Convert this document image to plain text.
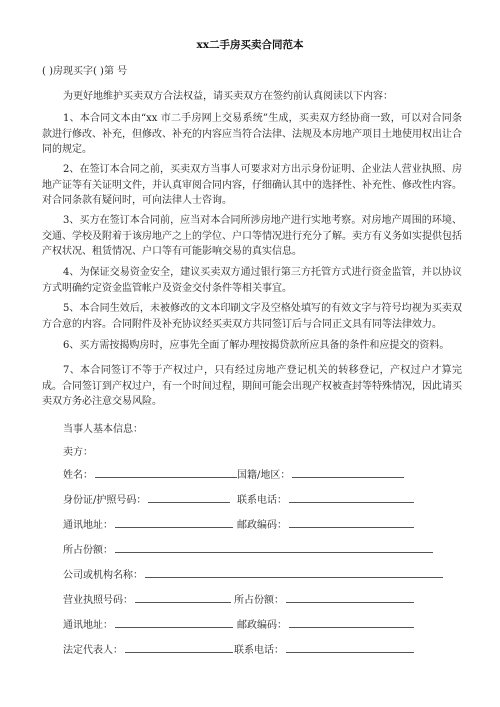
xx二手房买卖合同范本
( )房现买字( )第 号
为更好地维护买卖双方合法权益，请买卖双方在签约前认真阅读以下内容：
1、本合同文本由“xx 市二手房网上交易系统”生成，买卖双方经协商一致，可以对合同条款进行修改、补充，但修改、补充的内容应当符合法律、法规及本房地产项目土地使用权出让合同的规定。
2、在签订本合同之前，买卖双方当事人可要求对方出示身份证明、企业法人营业执照、房地产证等有关证明文件，并认真审阅合同内容，仔细确认其中的选择性、补充性、修改性内容。对合同条款有疑问时，可向法律人士咨询。
3、买方在签订本合同前，应当对本合同所涉房地产进行实地考察。对房地产周围的环境、交通、学校及附着于该房地产之上的学位、户口等情况进行充分了解。卖方有义务如实提供包括产权状况、租赁情况、户口等有可能影响交易的真实信息。
4、为保证交易资金安全，建议买卖双方通过银行第三方托管方式进行资金监管，并以协议方式明确约定资金监管帐户及资金交付条件等相关事宜。
5、本合同生效后，未被修改的文本印刷文字及空格处填写的有效文字与符号均视为买卖双方合意的内容。合同附件及补充协议经买卖双方共同签订后与合同正文具有同等法律效力。
6、买方需按揭购房时，应事先全面了解办理按揭贷款所应具备的条件和应提交的资料。
7、本合同签订不等于产权过户，只有经过房地产登记机关的转移登记，产权过户才算完成。合同签订到产权过户，有一个时间过程，期间可能会出现产权被查封等特殊情况，因此请买卖双方务必注意交易风险。
当事人基本信息：
卖方：
姓名：	国籍/地区：
身份证/护照号码：	联系电话：
通讯地址：	邮政编码：
所占份额：
公司或机构名称：
营业执照号码：	所占份额：
通讯地址：	邮政编码：
法定代表人：	联系电话：
